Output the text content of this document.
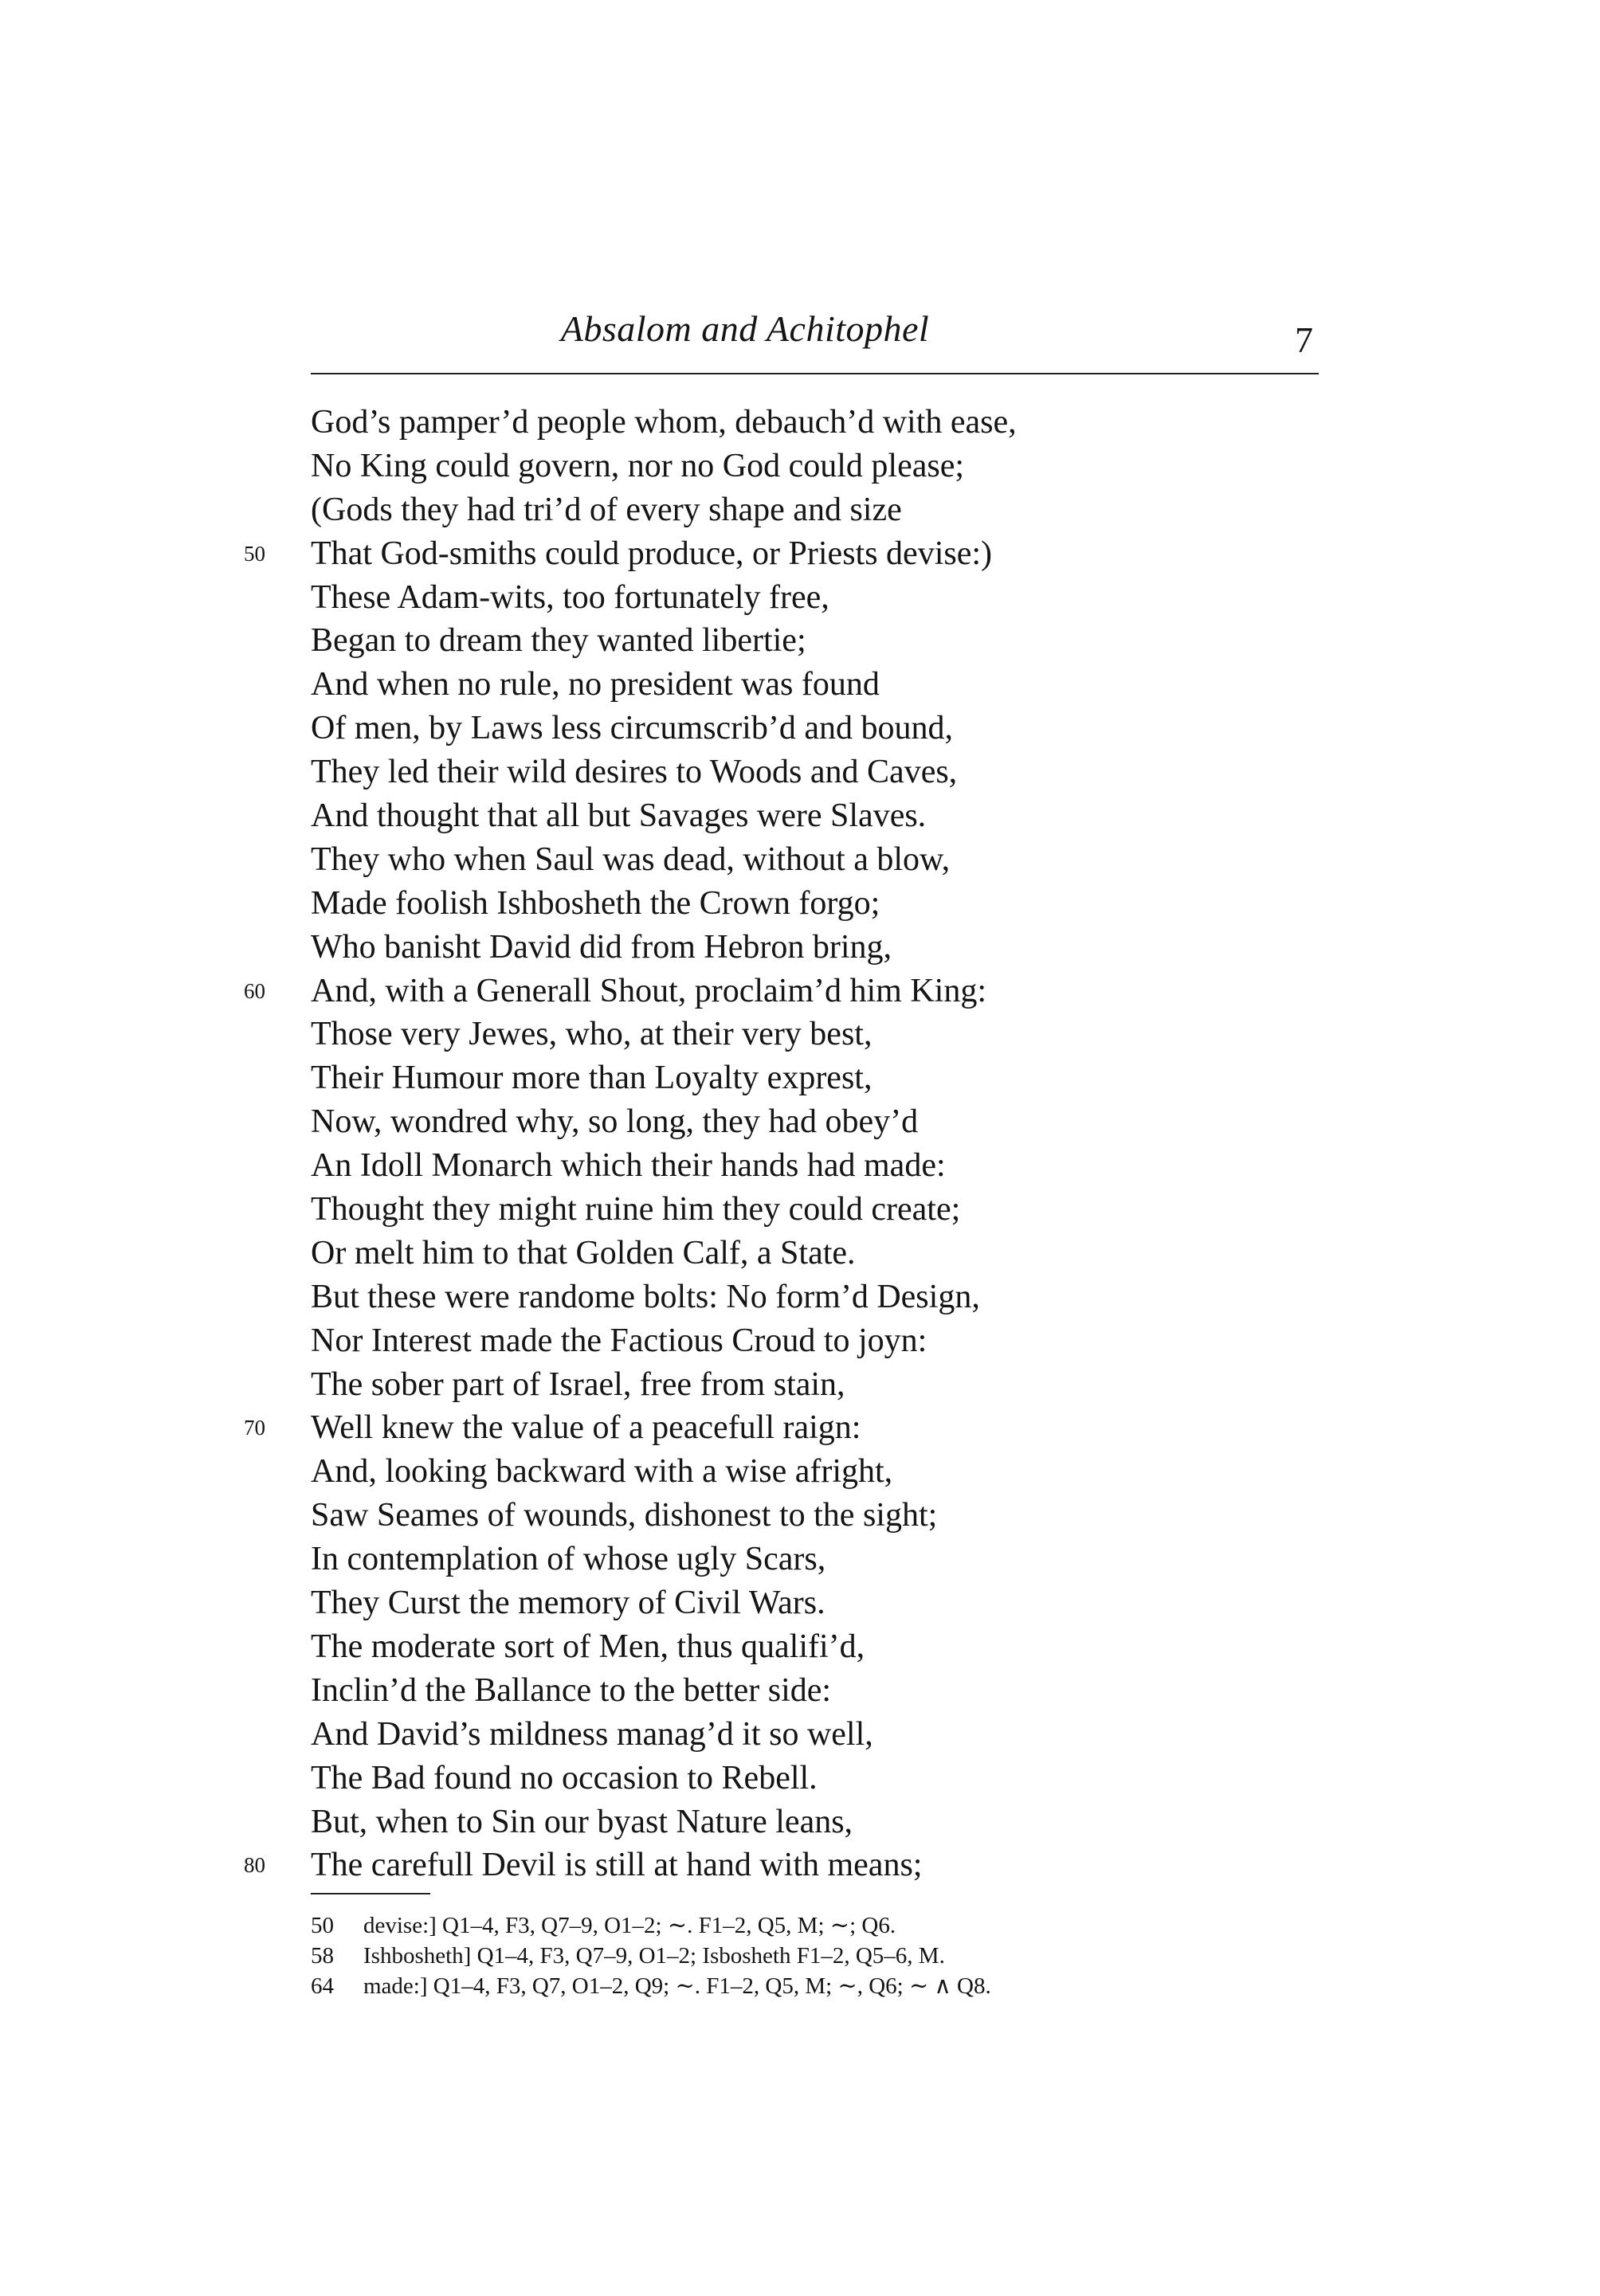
Absalom and Achitophel	7
God’s pamper’d people whom, debauch’d with ease,
No King could govern, nor no God could please;
(Gods they had tri’d of every shape and size
50	That God-smiths could produce, or Priests devise:)
These Adam-wits, too fortunately free,
Began to dream they wanted libertie;
And when no rule, no president was found
Of men, by Laws less circumscrib’d and bound,
They led their wild desires to Woods and Caves,
And thought that all but Savages were Slaves.
They who when Saul was dead, without a blow,
Made foolish Ishbosheth the Crown forgo;
Who banisht David did from Hebron bring,
60	And, with a Generall Shout, proclaim’d him King:
Those very Jewes, who, at their very best,
Their Humour more than Loyalty exprest,
Now, wondred why, so long, they had obey’d
An Idoll Monarch which their hands had made:
Thought they might ruine him they could create;
Or melt him to that Golden Calf, a State.
But these were randome bolts: No form’d Design,
Nor Interest made the Factious Croud to joyn:
The sober part of Israel, free from stain,
70	Well knew the value of a peacefull raign:
And, looking backward with a wise afright,
Saw Seames of wounds, dishonest to the sight;
In contemplation of whose ugly Scars,
They Curst the memory of Civil Wars.
The moderate sort of Men, thus qualifi’d,
Inclin’d the Ballance to the better side:
And David’s mildness manag’d it so well,
The Bad found no occasion to Rebell.
But, when to Sin our byast Nature leans,
80	The carefull Devil is still at hand with means;
50 devise:] Q1–4, F3, Q7–9, O1–2; ∼. F1–2, Q5, M; ∼; Q6.
58 Ishbosheth] Q1–4, F3, Q7–9, O1–2; Isbosheth F1–2, Q5–6, M.
64 made:] Q1–4, F3, Q7, O1–2, Q9; ∼. F1–2, Q5, M; ∼, Q6; ∼ ∧ Q8.
